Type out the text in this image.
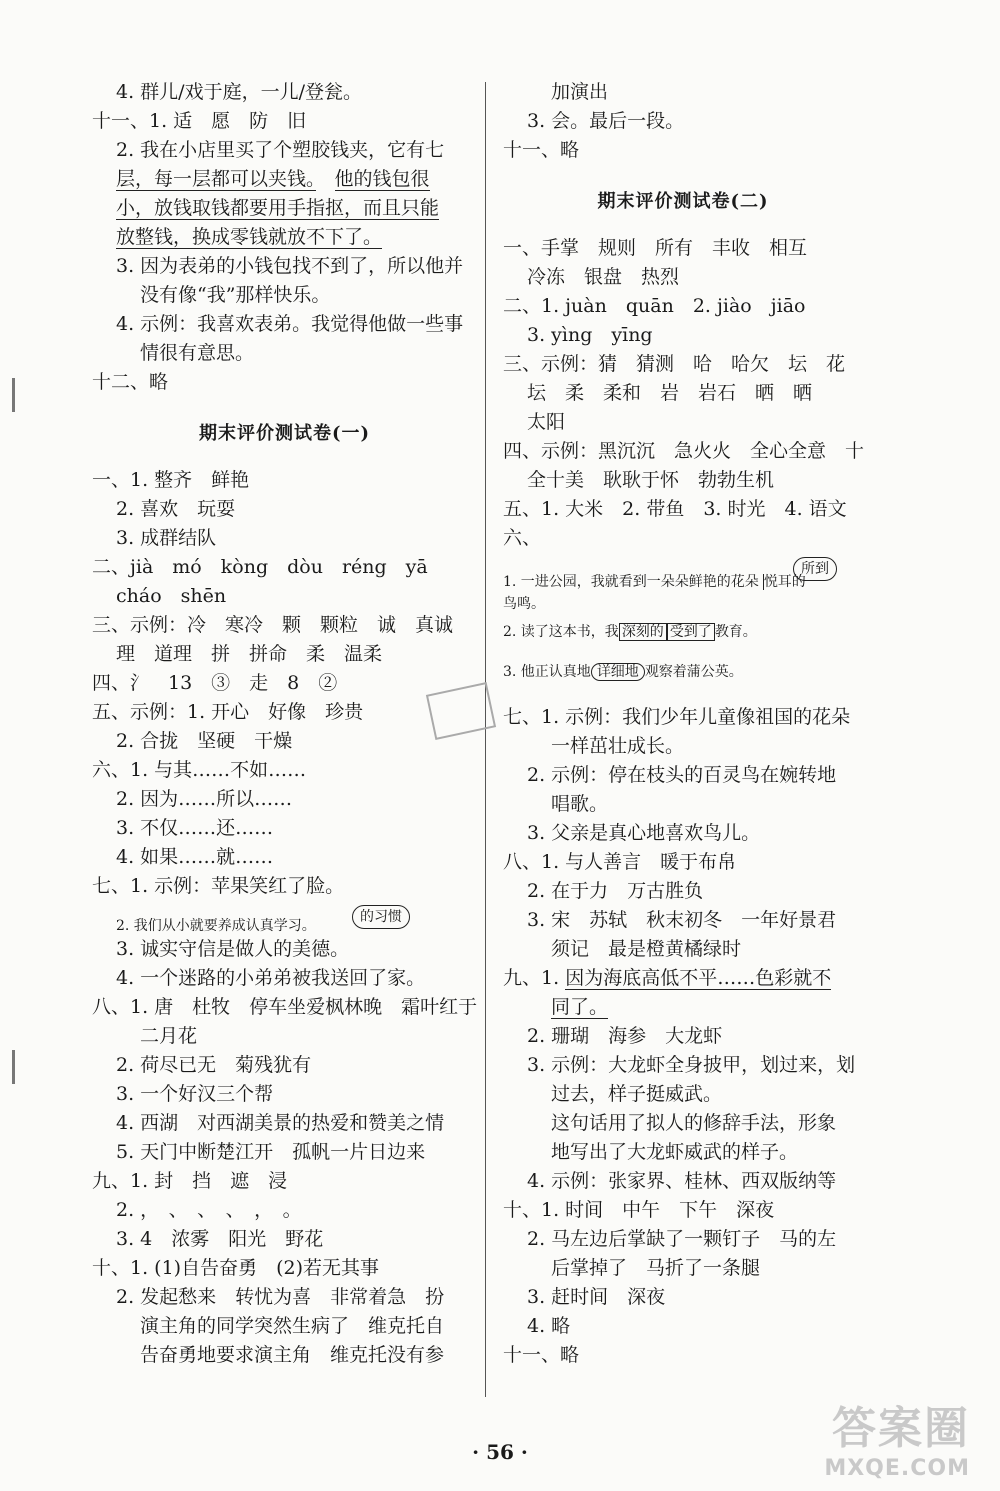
4. 群儿/戏于庭，一儿/登瓮。
十一、1. 适　愿　防　旧
2. 我在小店里买了个塑胶钱夹，它有七
层，每一层都可以夹钱。　 他的钱包很
小，放钱取钱都要用手指抠，而且只能
放整钱，换成零钱就放不下了。
3. 因为表弟的小钱包找不到了，所以他并
没有像“我”那样快乐。
4. 示例：我喜欢表弟。我觉得他做一些事
情很有意思。
十二、略
期末评价测试卷(一)
一、1. 整齐　鲜艳
2. 喜欢　玩耍
3. 成群结队
二、jià　mó　kòng　dòu　réng　yā
cháo　shēn
三、示例：冷　寒冷　颗　颗粒　诚　真诚
理　道理　拼　拼命　柔　温柔
四、氵　13　③　走　8　②
五、示例：1. 开心　好像　珍贵
2. 合拢　坚硬　干燥
六、1. 与其……不如……
2. 因为……所以……
3. 不仅……还……
4. 如果……就……
七、1. 示例：苹果笑红了脸。
的习惯
2. 我们从小就要养成认真学习。
3. 诚实守信是做人的美德。
4. 一个迷路的小弟弟被我送回了家。
八、1. 唐　杜牧　停车坐爱枫林晚　霜叶红于
二月花
2. 荷尽已无　菊残犹有
3. 一个好汉三个帮
4. 西湖　对西湖美景的热爱和赞美之情
5. 天门中断楚江开　孤帆一片日边来
九、1. 封　挡　遮　浸
2. ，　、　、　、　，　。
3. 4　浓雾　阳光　野花
十、1. (1)自告奋勇　(2)若无其事
2. 发起愁来　转忧为喜　非常着急　扮
演主角的同学突然生病了　维克托自
告奋勇地要求演主角　维克托没有参
加演出
3. 会。最后一段。
十一、略
期末评价测试卷(二)
一、手掌　规则　所有　丰收　相互
冷冻　银盘　热烈
二、1. juàn　quān　2. jiào　jiāo
3. yìng　yīng
三、示例：猜　猜测　哈　哈欠　坛　花
坛　柔　柔和　岩　岩石　晒　晒
太阳
四、示例：黑沉沉　急火火　全心全意　十
全十美　耿耿于怀　勃勃生机
五、1. 大米　2. 带鱼　3. 时光　4. 语文
六、
所到
1. 一进公园，我就看到一朵朵鲜艳的花朵 悦耳的
鸟鸣。
2. 读了这本书，我 深刻的 受到了 教育。
3. 他正认真地 详细地 观察着蒲公英。
七、1. 示例：我们少年儿童像祖国的花朵
一样茁壮成长。
2. 示例：停在枝头的百灵鸟在婉转地
唱歌。
3. 父亲是真心地喜欢鸟儿。
八、1. 与人善言　暖于布帛
2. 在于力　万古胜负
3. 宋　苏轼　秋末初冬　一年好景君
须记　最是橙黄橘绿时
九、1. 因为海底高低不平……色彩就不
同了。
2. 珊瑚　海参　大龙虾
3. 示例：大龙虾全身披甲，划过来，划
过去，样子挺威武。
这句话用了拟人的修辞手法，形象
地写出了大龙虾威武的样子。
4. 示例：张家界、桂林、西双版纳等
十、1. 时间　中午　下午　深夜
2. 马左边后掌缺了一颗钉子　马的左
后掌掉了　马折了一条腿
3. 赶时间　深夜
4. 略
十一、略
· 56 ·	答案圈
MXQE.COM
